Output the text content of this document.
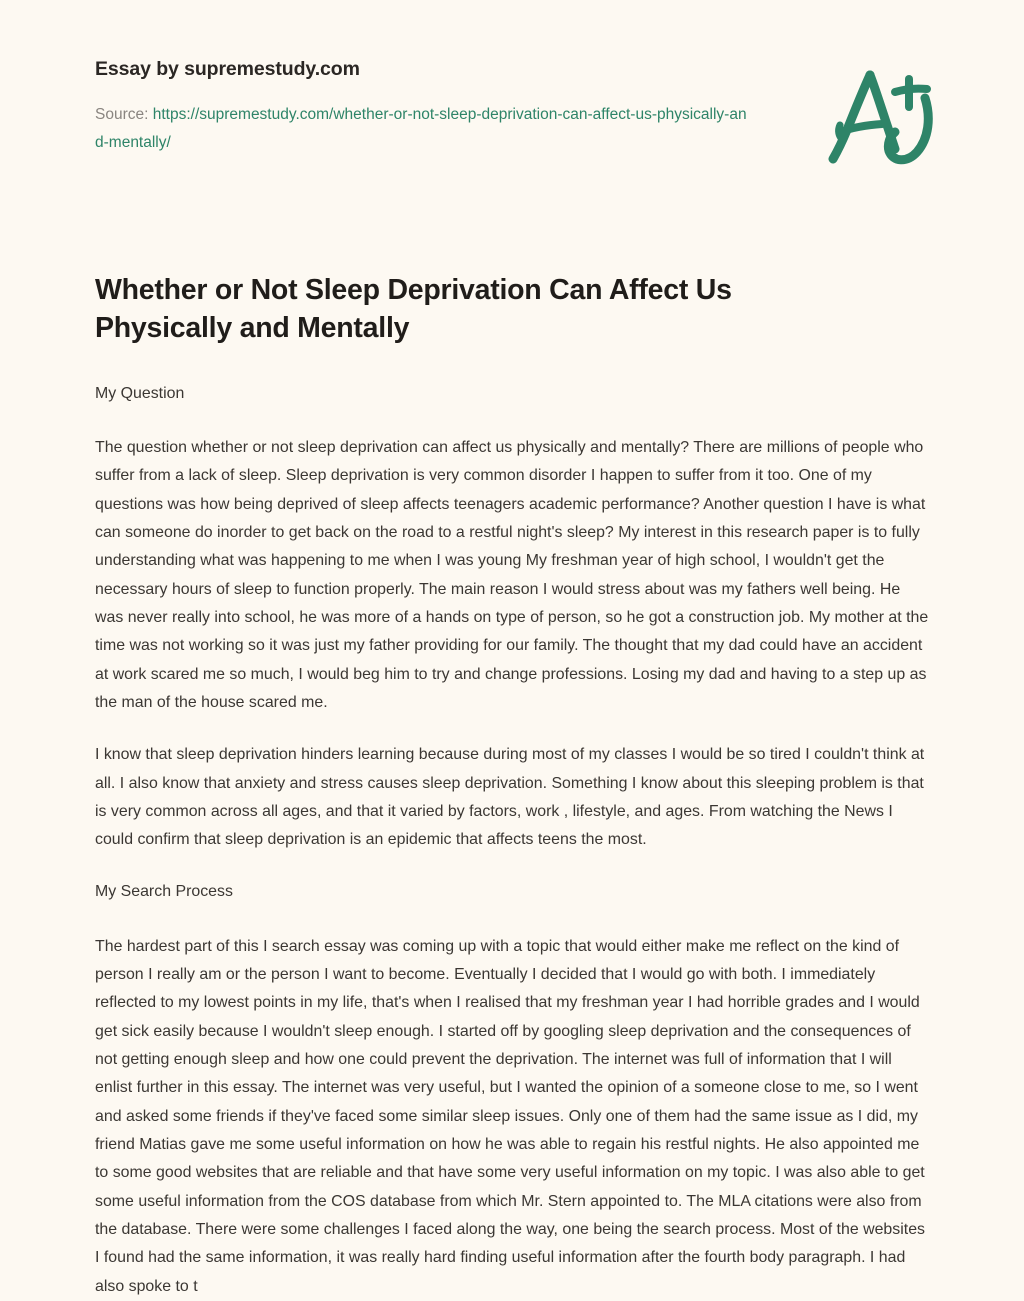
Essay by supremestudy.com
Source: https://supremestudy.com/whether-or-not-sleep-deprivation-can-affect-us-physically-and-mentally/
Whether or Not Sleep Deprivation Can Affect Us Physically and Mentally

My Question

The question whether or not sleep deprivation can affect us physically and mentally? There are millions of people who suffer from a lack of sleep. Sleep deprivation is very common disorder I happen to suffer from it too. One of my questions was how being deprived of sleep affects teenagers academic performance? Another question I have is what can someone do inorder to get back on the road to a restful night's sleep? My interest in this research paper is to fully understanding what was happening to me when I was young My freshman year of high school, I wouldn't get the necessary hours of sleep to function properly. The main reason I would stress about was my fathers well being. He was never really into school, he was more of a hands on type of person, so he got a construction job. My mother at the time was not working so it was just my father providing for our family. The thought that my dad could have an accident at work scared me so much, I would beg him to try and change professions. Losing my dad and having to a step up as the man of the house scared me.

I know that sleep deprivation hinders learning because during most of my classes I would be so tired I couldn't think at all. I also know that anxiety and stress causes sleep deprivation. Something I know about this sleeping problem is that is very common across all ages, and that it varied by factors, work , lifestyle, and ages. From watching the News I could confirm that sleep deprivation is an epidemic that affects teens the most.

My Search Process

The hardest part of this I search essay was coming up with a topic that would either make me reflect on the kind of person I really am or the person I want to become. Eventually I decided that I would go with both. I immediately reflected to my lowest points in my life, that's when I realised that my freshman year I had horrible grades and I would get sick easily because I wouldn't sleep enough. I started off by googling sleep deprivation and the consequences of not getting enough sleep and how one could prevent the deprivation. The internet was full of information that I will enlist further in this essay. The internet was very useful, but I wanted the opinion of a someone close to me, so I went and asked some friends if they've faced some similar sleep issues. Only one of them had the same issue as I did, my friend Matias gave me some useful information on how he was able to regain his restful nights. He also appointed me to some good websites that are reliable and that have some very useful information on my topic. I was also able to get some useful information from the COS database from which Mr. Stern appointed to. The MLA citations were also from the database. There were some challenges I faced along the way, one being the search process. Most of the websites I found had the same information, it was really hard finding useful information after the fourth body paragraph. I had also spoke to t
